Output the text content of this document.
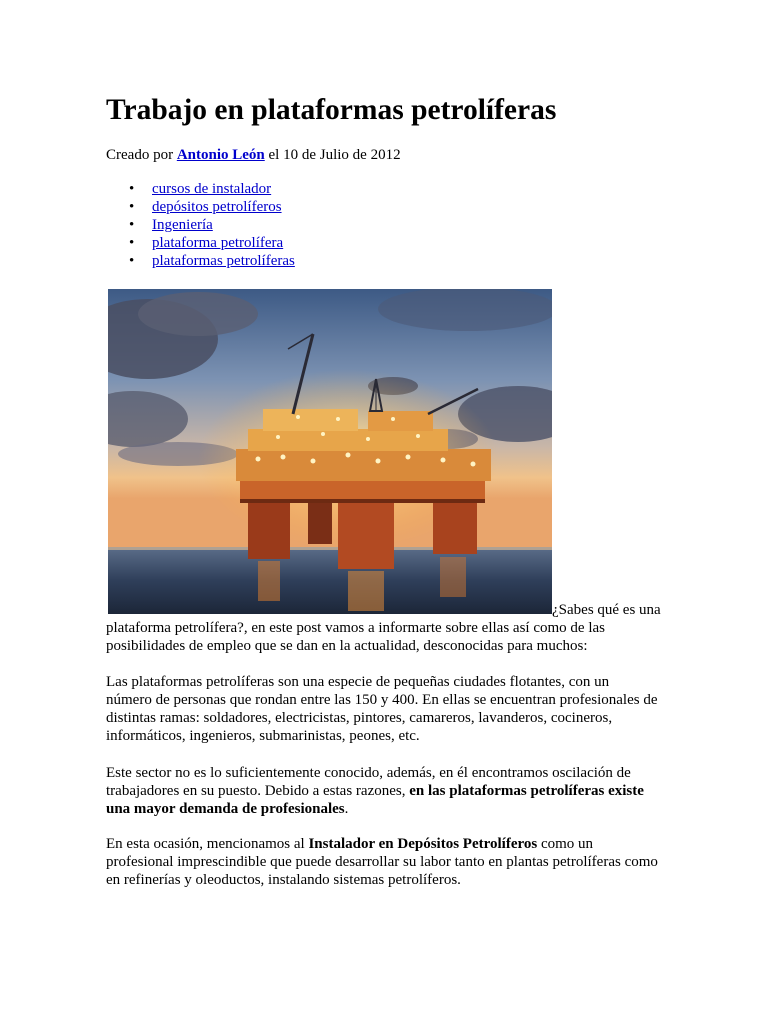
Trabajo en plataformas petrolíferas
Creado por Antonio León el 10 de Julio de 2012
• cursos de instalador
• depósitos petrolíferos
• Ingeniería
• plataforma petrolífera
• plataformas petrolíferas
¿Sabes qué es una
plataforma petrolífera?, en este post vamos a informarte sobre ellas así como de las
posibilidades de empleo que se dan en la actualidad, desconocidas para muchos:

Las plataformas petrolíferas son una especie de pequeñas ciudades flotantes, con un
número de personas que rondan entre las 150 y 400. En ellas se encuentran profesionales de
distintas ramas: soldadores, electricistas, pintores, camareros, lavanderos, cocineros,
informáticos, ingenieros, submarinistas, peones, etc.

Este sector no es lo suficientemente conocido, además, en él encontramos oscilación de
trabajadores en su puesto. Debido a estas razones, en las plataformas petrolíferas existe
una mayor demanda de profesionales.

En esta ocasión, mencionamos al Instalador en Depósitos Petrolíferos como un
profesional imprescindible que puede desarrollar su labor tanto en plantas petrolíferas como
en refinerías y oleoductos, instalando sistemas petrolíferos.
